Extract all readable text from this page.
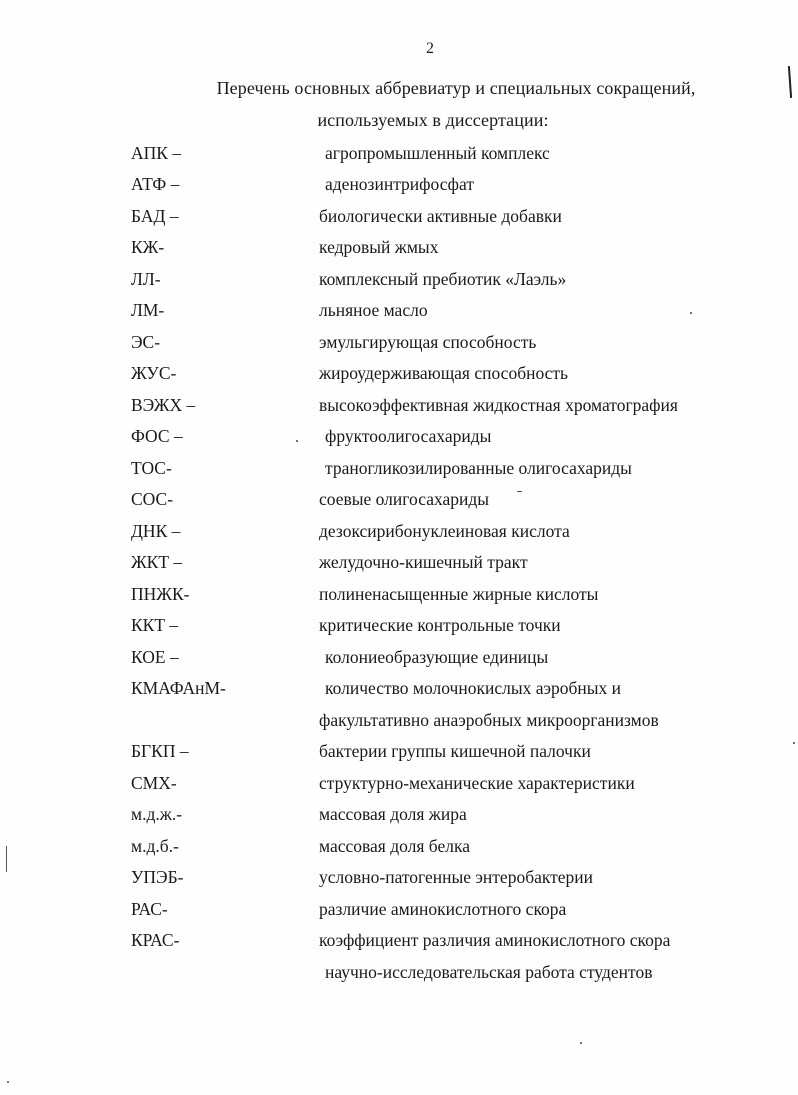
2
Перечень основных аббревиатур и специальных сокращений,
используемых в диссертации:
АПК –	агропромышленный комплекс
АТФ –	аденозинтрифосфат
БАД –	биологически активные добавки
КЖ-	кедровый жмых
ЛЛ-	комплексный пребиотик «Лаэль»
ЛМ-	льняное масло
ЭС-	эмульгирующая способность
ЖУС-	жироудерживающая способность
ВЭЖХ –	высокоэффективная жидкостная хроматография
ФОС –	фруктоолигосахариды
ТОС-	траногликозилированные олигосахариды
СОС-	соевые олигосахариды
ДНК –	дезоксирибонуклеиновая кислота
ЖКТ –	желудочно-кишечный тракт
ПНЖК-	полиненасыщенные жирные кислоты
ККТ –	критические контрольные точки
КОЕ –	колониеобразующие единицы
КМАФАнМ-	количество молочнокислых аэробных и
факультативно анаэробных микроорганизмов
БГКП –	бактерии группы кишечной палочки
СМХ-	структурно-механические характеристики
м.д.ж.-	массовая доля жира
м.д.б.-	массовая доля белка
УПЭБ-	условно-патогенные энтеробактерии
РАС-	различие аминокислотного скора
КРАС-	коэффициент различия аминокислотного скора
научно-исследовательская работа студентов
